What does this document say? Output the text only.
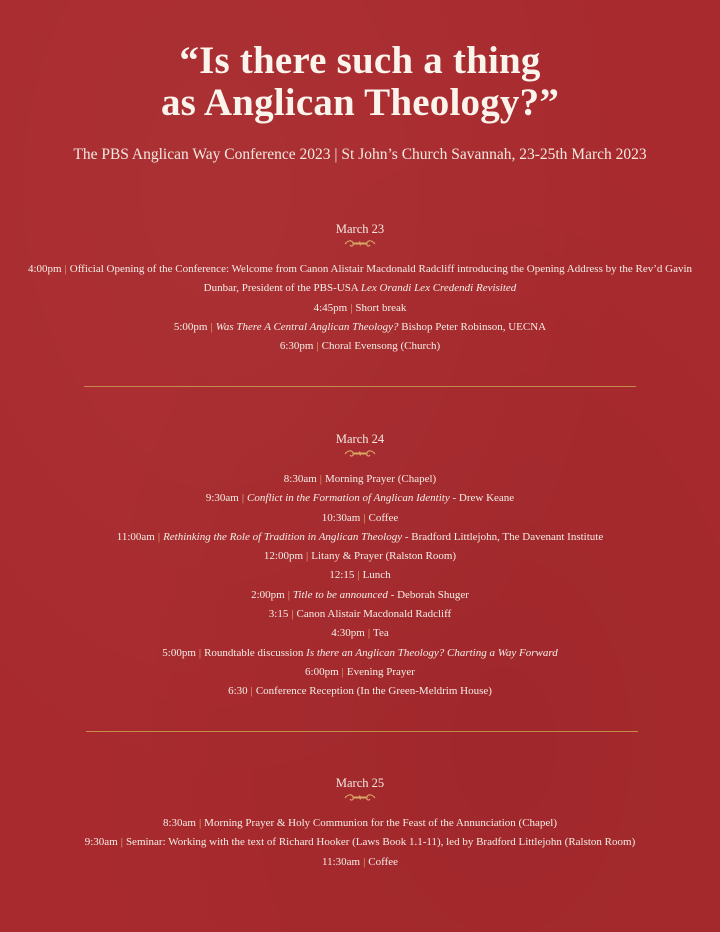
“Is there such a thing
as Anglican Theology?”
The PBS Anglican Way Conference 2023 | St John’s Church Savannah, 23-25th March 2023
March 23
4:00pm | Official Opening of the Conference: Welcome from Canon Alistair Macdonald Radcliff introducing the Opening Address by the Rev’d Gavin Dunbar, President of the PBS-USA Lex Orandi Lex Credendi Revisited
4:45pm | Short break
5:00pm | Was There A Central Anglican Theology? Bishop Peter Robinson, UECNA
6:30pm | Choral Evensong (Church)
March 24
8:30am | Morning Prayer (Chapel)
9:30am | Conflict in the Formation of Anglican Identity - Drew Keane
10:30am | Coffee
11:00am | Rethinking the Role of Tradition in Anglican Theology - Bradford Littlejohn, The Davenant Institute
12:00pm | Litany & Prayer (Ralston Room)
12:15 | Lunch
2:00pm | Title to be announced - Deborah Shuger
3:15 | Canon Alistair Macdonald Radcliff
4:30pm | Tea
5:00pm | Roundtable discussion Is there an Anglican Theology? Charting a Way Forward
6:00pm | Evening Prayer
6:30 | Conference Reception (In the Green-Meldrim House)
March 25
8:30am | Morning Prayer & Holy Communion for the Feast of the Annunciation (Chapel)
9:30am | Seminar: Working with the text of Richard Hooker (Laws Book 1.1-11), led by Bradford Littlejohn (Ralston Room)
11:30am | Coffee
